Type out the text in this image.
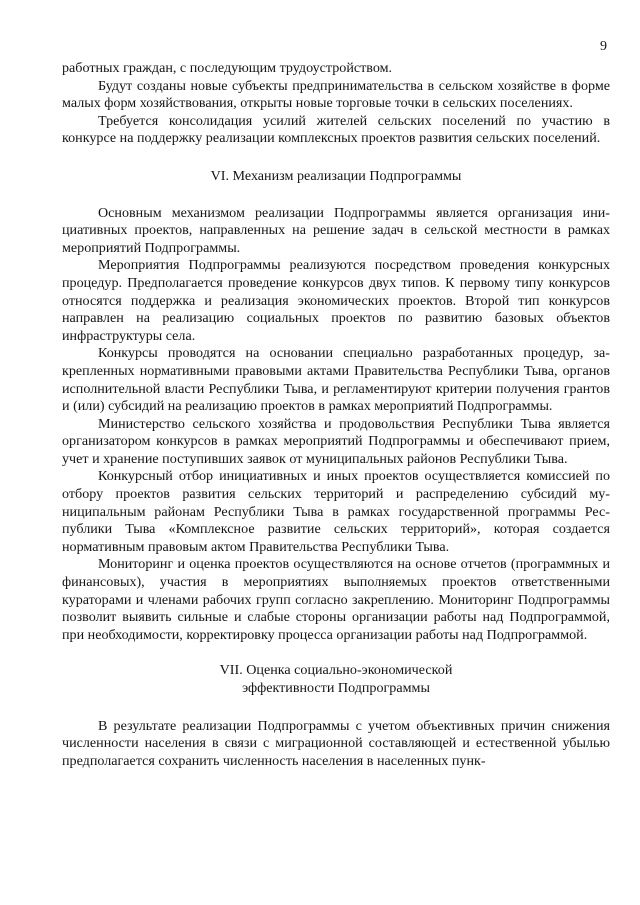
9

работных граждан, с последующим трудоустройством.

Будут созданы новые субъекты предпринимательства в сельском хозяйстве в форме малых форм хозяйствования, открыты новые торговые точки в сельских поселениях.

Требуется консолидация усилий жителей сельских поселений по участию в конкурсе на поддержку реализации комплексных проектов развития сельских поселений.

VI. Механизм реализации Подпрограммы

Основным механизмом реализации Подпрограммы является организация инициативных проектов, направленных на решение задач в сельской местности в рамках мероприятий Подпрограммы.

Мероприятия Подпрограммы реализуются посредством проведения конкурсных процедур. Предполагается проведение конкурсов двух типов. К первому типу конкурсов относятся поддержка и реализация экономических проектов. Второй тип конкурсов направлен на реализацию социальных проектов по развитию базовых объектов инфраструктуры села.

Конкурсы проводятся на основании специально разработанных процедур, закрепленных нормативными правовыми актами Правительства Республики Тыва, органов исполнительной власти Республики Тыва, и регламентируют критерии получения грантов и (или) субсидий на реализацию проектов в рамках мероприятий Подпрограммы.

Министерство сельского хозяйства и продовольствия Республики Тыва является организатором конкурсов в рамках мероприятий Подпрограммы и обеспечивают прием, учет и хранение поступивших заявок от муниципальных районов Республики Тыва.

Конкурсный отбор инициативных и иных проектов осуществляется комиссией по отбору проектов развития сельских территорий и распределению субсидий муниципальным районам Республики Тыва в рамках государственной программы Республики Тыва «Комплексное развитие сельских территорий», которая создается нормативным правовым актом Правительства Республики Тыва.

Мониторинг и оценка проектов осуществляются на основе отчетов (программных и финансовых), участия в мероприятиях выполняемых проектов ответственными кураторами и членами рабочих групп согласно закреплению. Мониторинг Подпрограммы позволит выявить сильные и слабые стороны организации работы над Подпрограммой, при необходимости, корректировку процесса организации работы над Подпрограммой.

VII. Оценка социально-экономической
эффективности Подпрограммы

В результате реализации Подпрограммы с учетом объективных причин снижения численности населения в связи с миграционной составляющей и естественной убылью предполагается сохранить численность населения в населенных пунк-
